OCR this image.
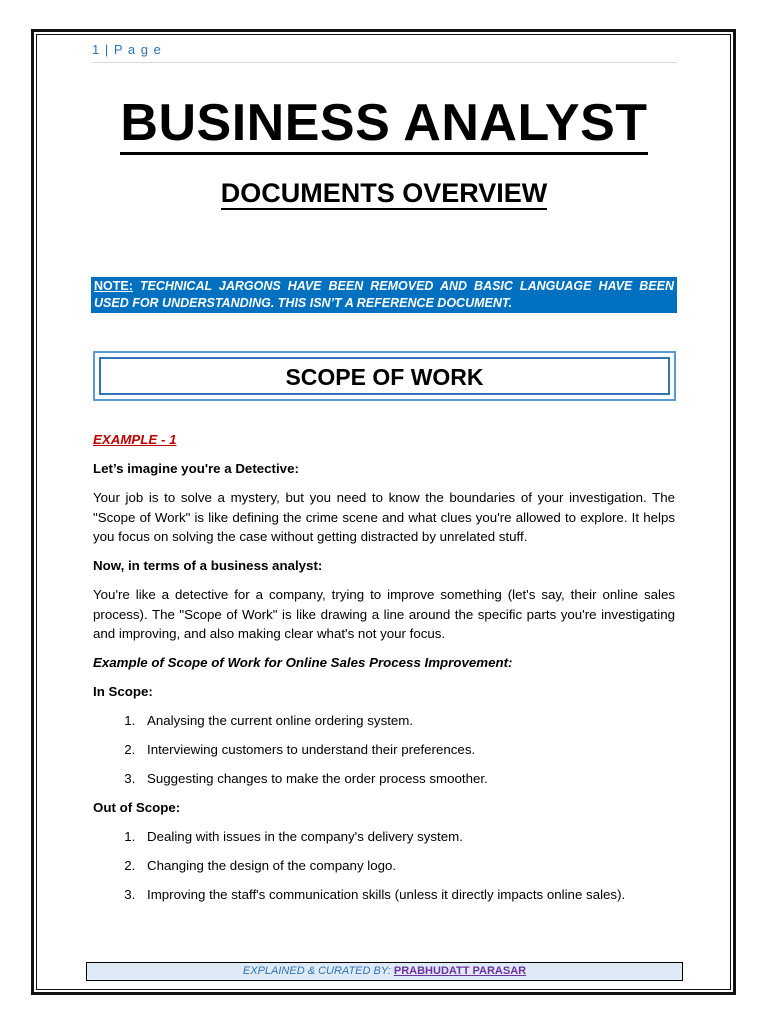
1 | P a g e
BUSINESS ANALYST
DOCUMENTS OVERVIEW
NOTE: TECHNICAL JARGONS HAVE BEEN REMOVED AND BASIC LANGUAGE HAVE BEEN USED FOR UNDERSTANDING. THIS ISN’T A REFERENCE DOCUMENT.
SCOPE OF WORK

EXAMPLE - 1

Let’s imagine you're a Detective:

Your job is to solve a mystery, but you need to know the boundaries of your investigation. The "Scope of Work" is like defining the crime scene and what clues you're allowed to explore. It helps you focus on solving the case without getting distracted by unrelated stuff.

Now, in terms of a business analyst:

You're like a detective for a company, trying to improve something (let's say, their online sales process). The "Scope of Work" is like drawing a line around the specific parts you're investigating and improving, and also making clear what's not your focus.

Example of Scope of Work for Online Sales Process Improvement:

In Scope:

1. Analysing the current online ordering system.
2. Interviewing customers to understand their preferences.
3. Suggesting changes to make the order process smoother.

Out of Scope:

1. Dealing with issues in the company's delivery system.
2. Changing the design of the company logo.
3. Improving the staff's communication skills (unless it directly impacts online sales).
EXPLAINED & CURATED BY: PRABHUDATT PARASAR
